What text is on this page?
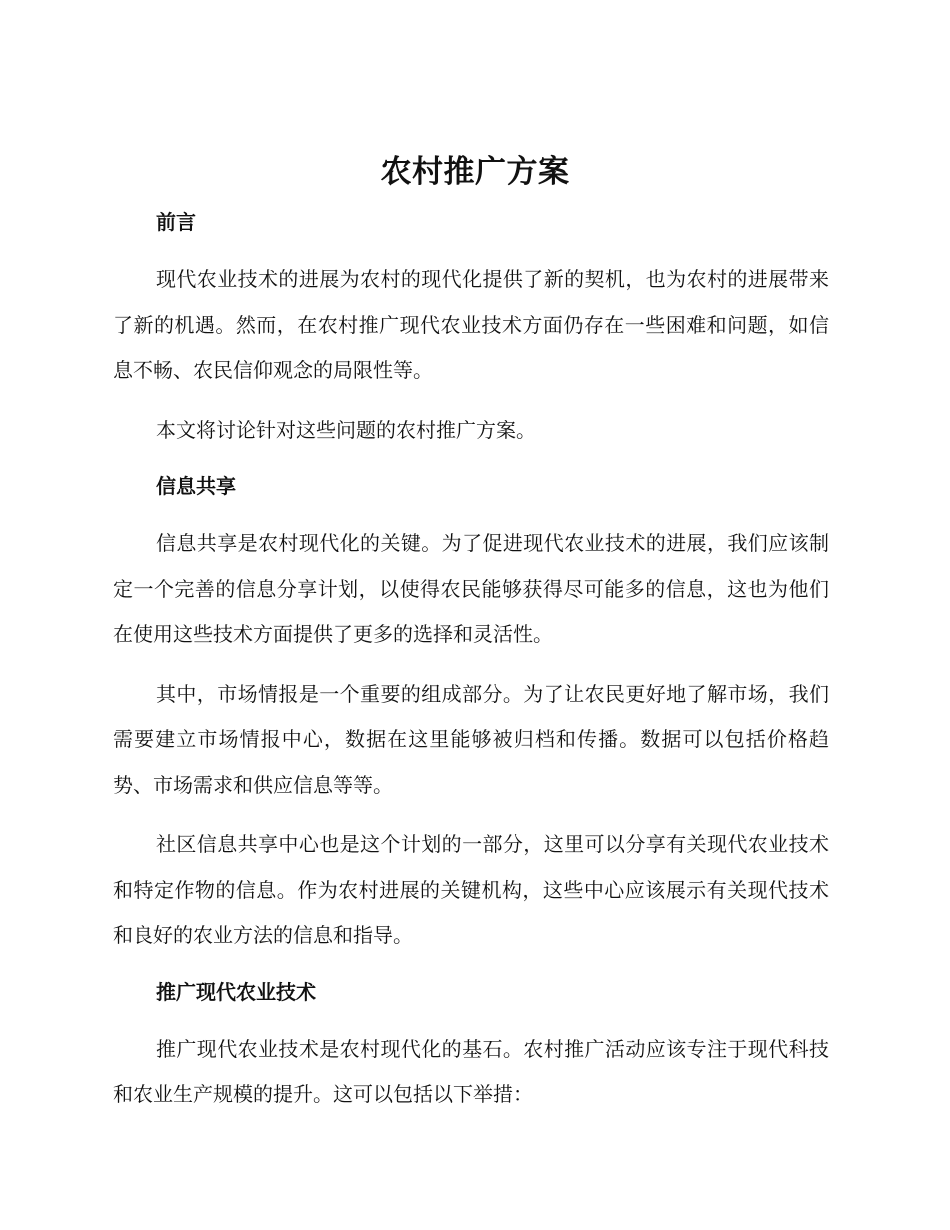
农村推广方案
前言

现代农业技术的进展为农村的现代化提供了新的契机，也为农村的进展带来了新的机遇。然而，在农村推广现代农业技术方面仍存在一些困难和问题，如信息不畅、农民信仰观念的局限性等。

本文将讨论针对这些问题的农村推广方案。

信息共享

信息共享是农村现代化的关键。为了促进现代农业技术的进展，我们应该制定一个完善的信息分享计划，以使得农民能够获得尽可能多的信息，这也为他们在使用这些技术方面提供了更多的选择和灵活性。

其中，市场情报是一个重要的组成部分。为了让农民更好地了解市场，我们需要建立市场情报中心，数据在这里能够被归档和传播。数据可以包括价格趋势、市场需求和供应信息等等。

社区信息共享中心也是这个计划的一部分，这里可以分享有关现代农业技术和特定作物的信息。作为农村进展的关键机构，这些中心应该展示有关现代技术和良好的农业方法的信息和指导。

推广现代农业技术

推广现代农业技术是农村现代化的基石。农村推广活动应该专注于现代科技和农业生产规模的提升。这可以包括以下举措：
